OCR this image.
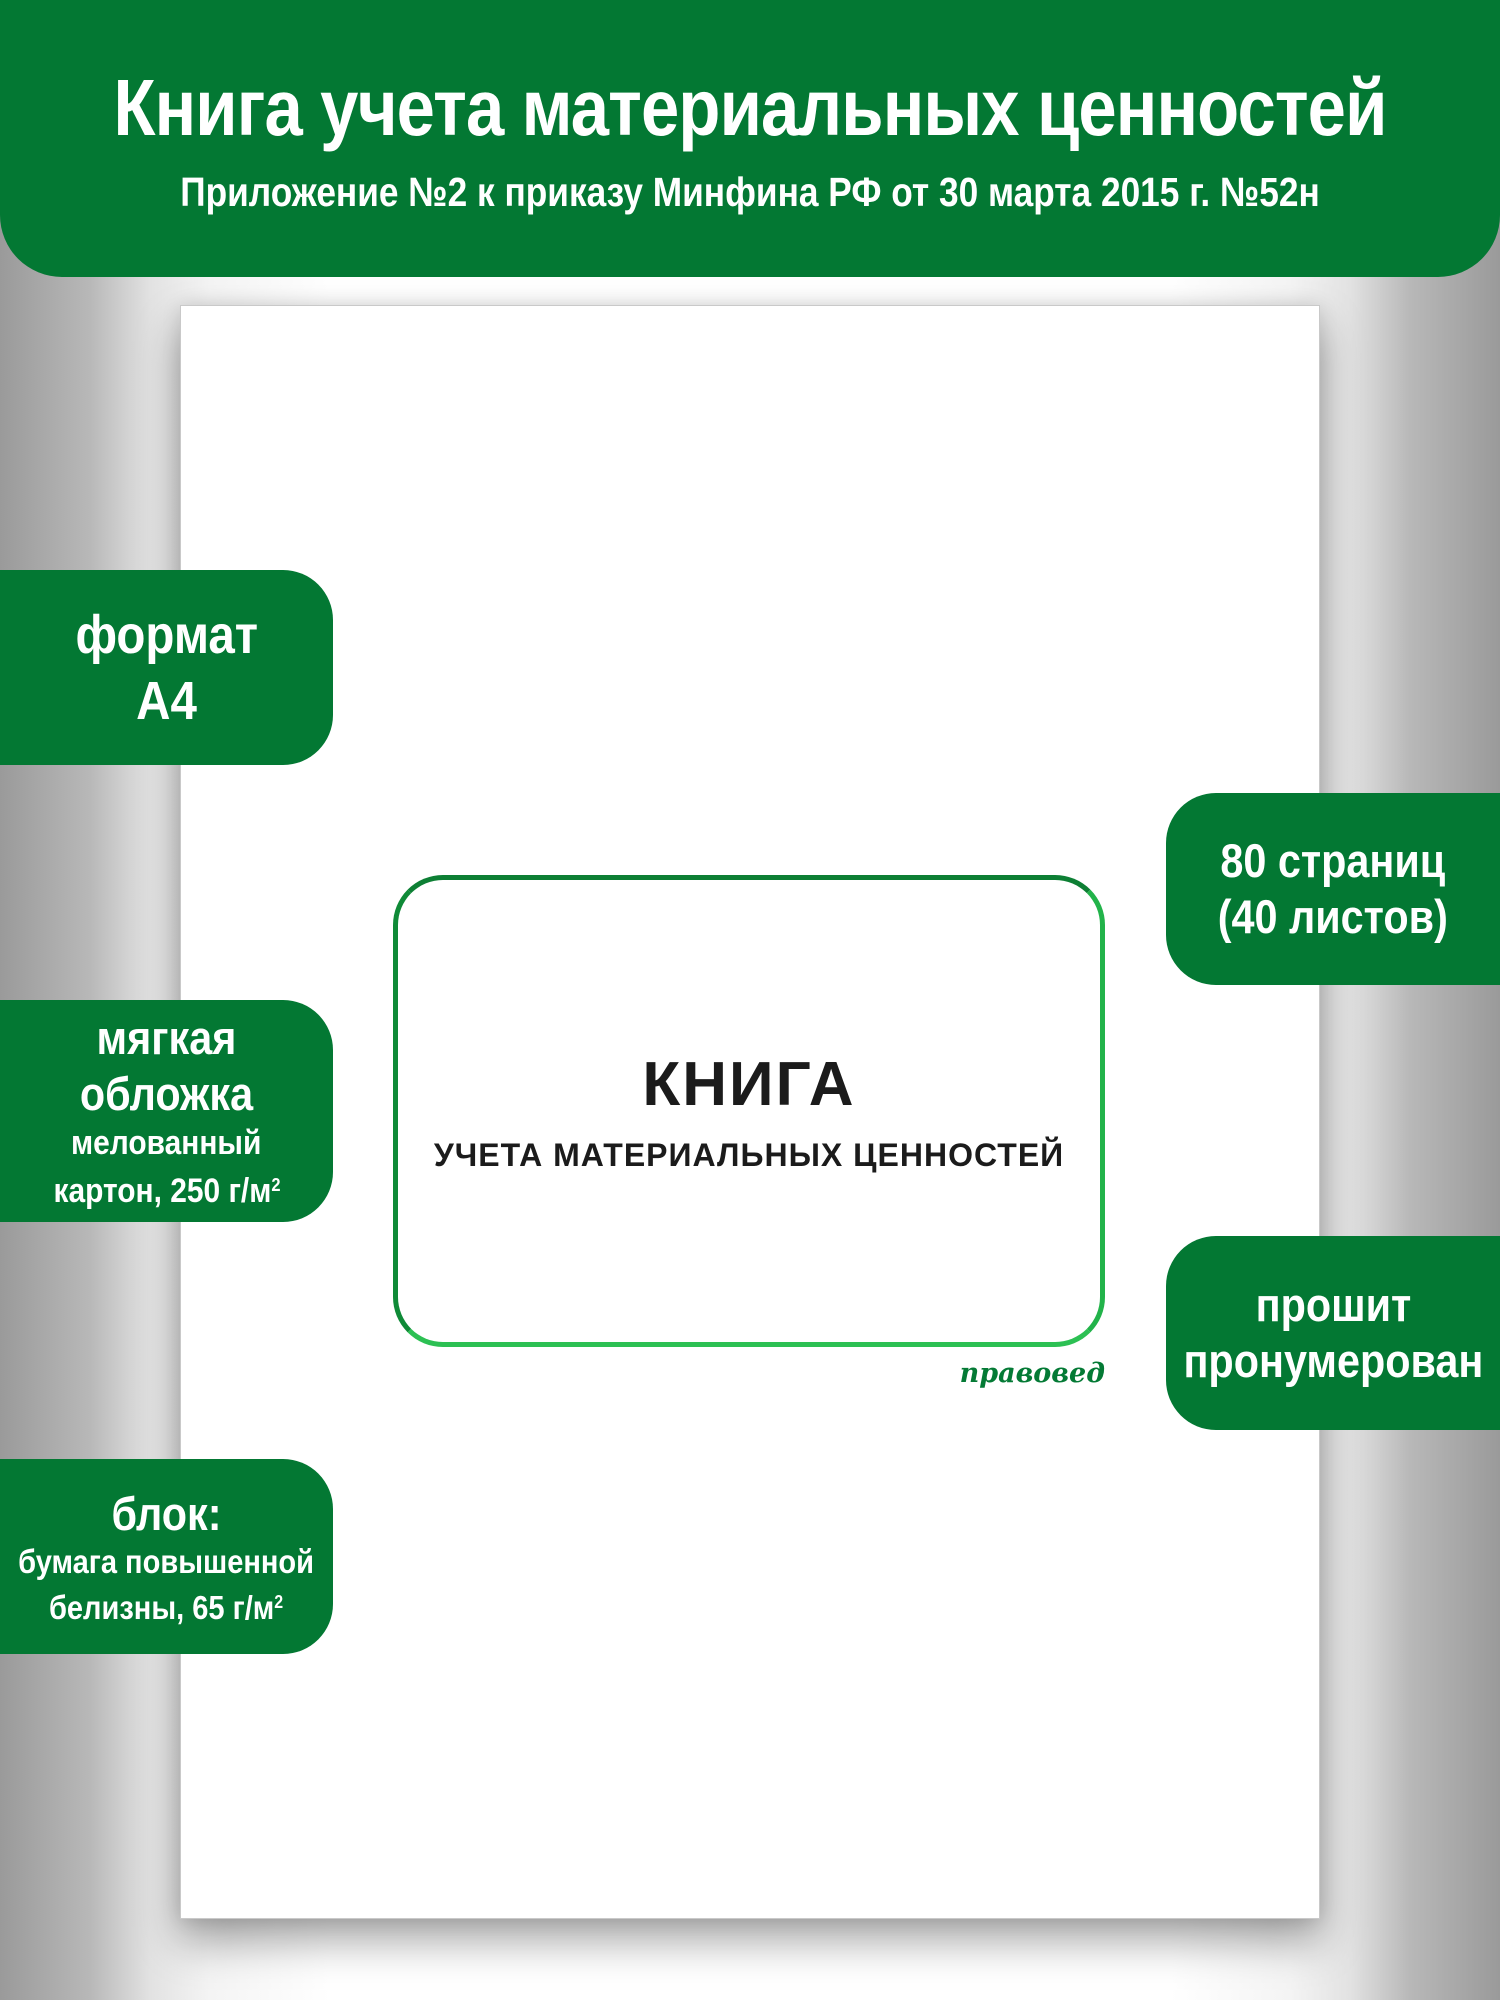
Книга учета материальных ценностей
Приложение №2 к приказу Минфина РФ от 30 марта 2015 г. №52н
КНИГА
УЧЕТА МАТЕРИАЛЬНЫХ ЦЕННОСТЕЙ
правовед
формат
А4
мягкая
обложка
мелованный
картон, 250 $г/м^2$
блок:
бумага повышенной
белизны, 65 $г/м^2$
80 страниц
(40 листов)
прошит
пронумерован
